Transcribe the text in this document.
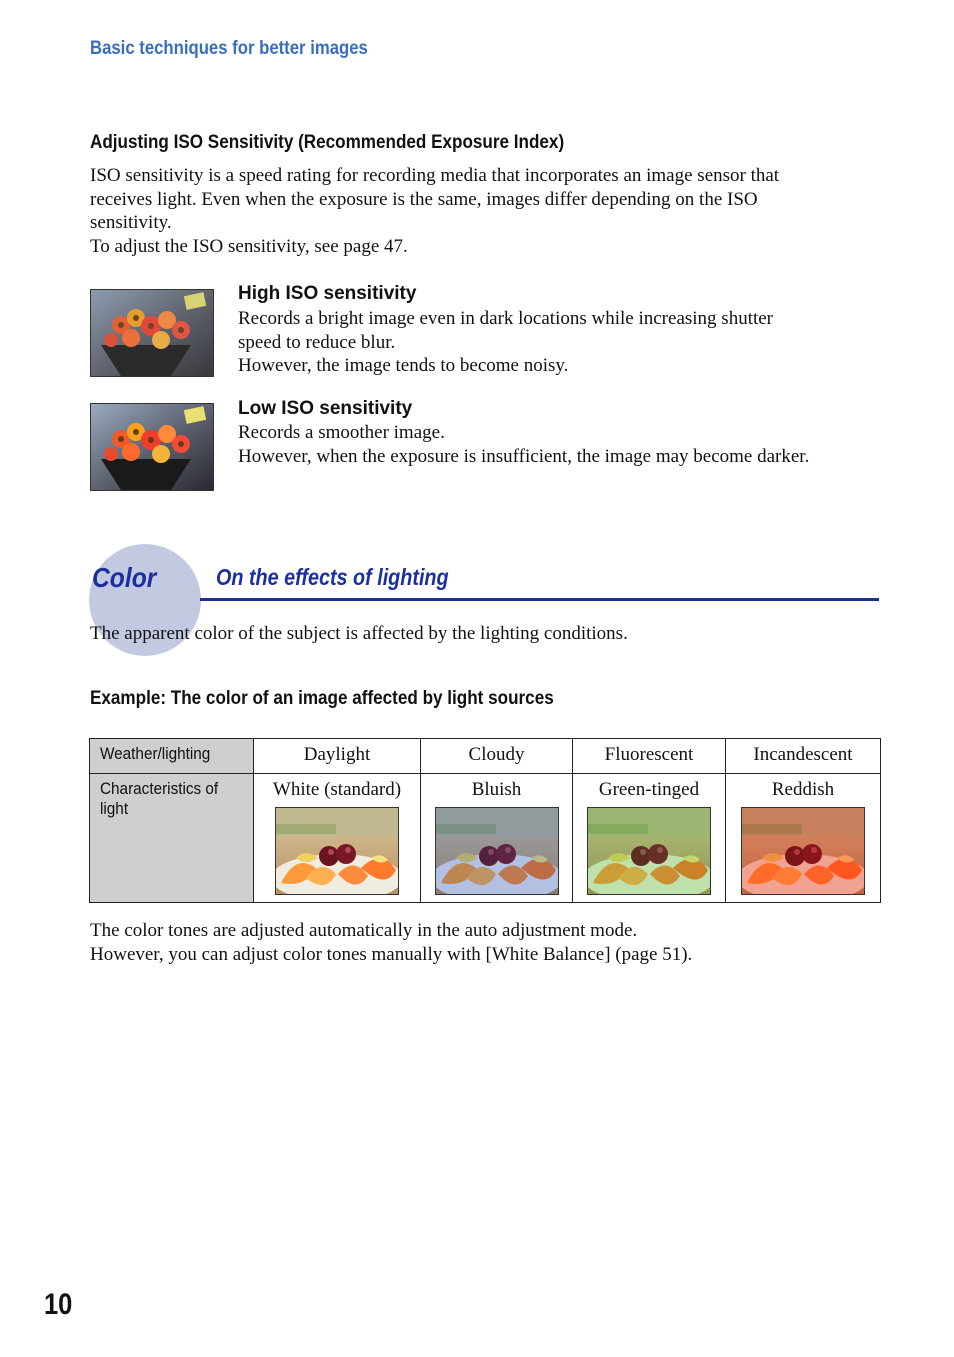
Basic techniques for better images
Adjusting ISO Sensitivity (Recommended Exposure Index)
ISO sensitivity is a speed rating for recording media that incorporates an image sensor that
receives light. Even when the exposure is the same, images differ depending on the ISO
sensitivity.
To adjust the ISO sensitivity, see page 47.
High ISO sensitivity
Records a bright image even in dark locations while increasing shutter
speed to reduce blur.
However, the image tends to become noisy.
Low ISO sensitivity
Records a smoother image.
However, when the exposure is insufficient, the image may become darker.
Color	On the effects of lighting
The apparent color of the subject is affected by the lighting conditions.
Example: The color of an image affected by light sources
Weather/lighting	Daylight	Cloudy	Fluorescent	Incandescent
Characteristics of light	White (standard)	Bluish	Green-tinged	Reddish
The color tones are adjusted automatically in the auto adjustment mode.
However, you can adjust color tones manually with [White Balance] (page 51).
10
